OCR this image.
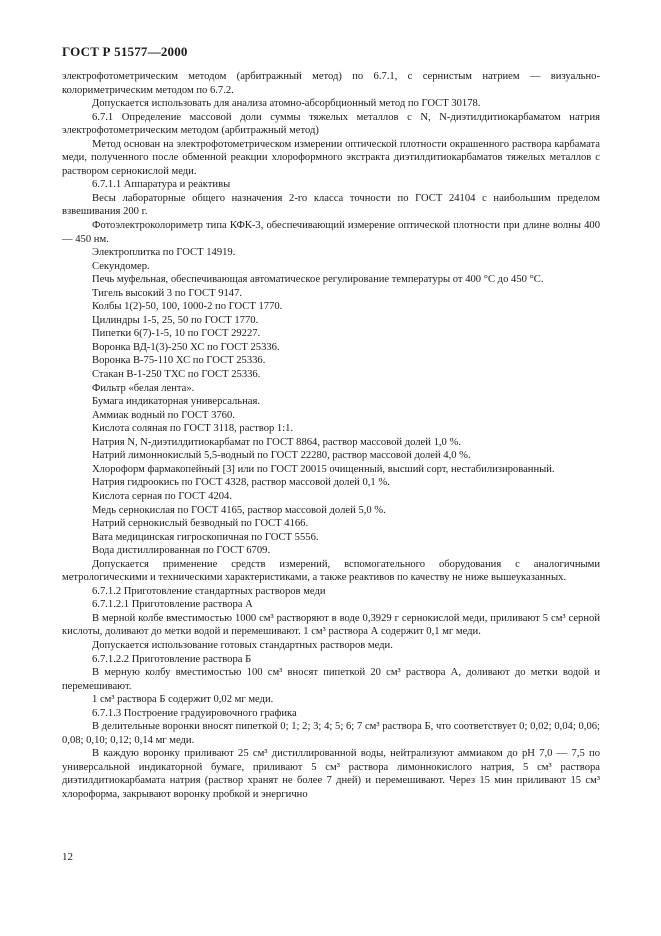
ГОСТ Р 51577—2000

электрофотометрическим методом (арбитражный метод) по 6.7.1, с сернистым натрием — визуально-колориметрическим методом по 6.7.2.

Допускается использовать для анализа атомно-абсорбционный метод по ГОСТ 30178.

6.7.1 Определение массовой доли суммы тяжелых металлов с N, N-диэтилдитиокарбаматом натрия электрофотометрическим методом (арбитражный метод)

Метод основан на электрофотометрическом измерении оптической плотности окрашенного раствора карбамата меди, полученного после обменной реакции хлороформного экстракта диэтилдитиокарбаматов тяжелых металлов с раствором сернокислой меди.

6.7.1.1 Аппаратура и реактивы

Весы лабораторные общего назначения 2-го класса точности по ГОСТ 24104 с наибольшим пределом взвешивания 200 г.

Фотоэлектроколориметр типа КФК-3, обеспечивающий измерение оптической плотности при длине волны 400 — 450 нм.

Электроплитка по ГОСТ 14919.

Секундомер.

Печь муфельная, обеспечивающая автоматическое регулирование температуры от 400 °С до 450 °С.

Тигель высокий 3 по ГОСТ 9147.

Колбы 1(2)-50, 100, 1000-2 по ГОСТ 1770.

Цилиндры 1-5, 25, 50 по ГОСТ 1770.

Пипетки 6(7)-1-5, 10 по ГОСТ 29227.

Воронка ВД-1(3)-250 ХС по ГОСТ 25336.

Воронка В-75-110 ХС по ГОСТ 25336.

Стакан В-1-250 ТХС по ГОСТ 25336.

Фильтр «белая лента».

Бумага индикаторная универсальная.

Аммиак водный по ГОСТ 3760.

Кислота соляная по ГОСТ 3118, раствор 1:1.

Натрия N, N-диэтилдитиокарбамат по ГОСТ 8864, раствор массовой долей 1,0 %.

Натрий лимоннокислый 5,5-водный по ГОСТ 22280, раствор массовой долей 4,0 %.

Хлороформ фармакопейный [3] или по ГОСТ 20015 очищенный, высший сорт, нестабилизированный.

Натрия гидроокись по ГОСТ 4328, раствор массовой долей 0,1 %.

Кислота серная по ГОСТ 4204.

Медь сернокислая по ГОСТ 4165, раствор массовой долей 5,0 %.

Натрий сернокислый безводный по ГОСТ 4166.

Вата медицинская гигроскопичная по ГОСТ 5556.

Вода дистиллированная по ГОСТ 6709.

Допускается применение средств измерений, вспомогательного оборудования с аналогичными метрологическими и техническими характеристиками, а также реактивов по качеству не ниже вышеуказанных.

6.7.1.2 Приготовление стандартных растворов меди

6.7.1.2.1 Приготовление раствора А

В мерной колбе вместимостью 1000 см³ растворяют в воде 0,3929 г сернокислой меди, приливают 5 см³ серной кислоты, доливают до метки водой и перемешивают. 1 см³ раствора А содержит 0,1 мг меди.

Допускается использование готовых стандартных растворов меди.

6.7.1.2.2 Приготовление раствора Б

В мерную колбу вместимостью 100 см³ вносят пипеткой 20 см³ раствора А, доливают до метки водой и перемешивают.

1 см³ раствора Б содержит 0,02 мг меди.

6.7.1.3 Построение градуировочного графика

В делительные воронки вносят пипеткой 0; 1; 2; 3; 4; 5; 6; 7 см³ раствора Б, что соответствует 0; 0,02; 0,04; 0,06; 0,08; 0,10; 0,12; 0,14 мг меди.

В каждую воронку приливают 25 см³ дистиллированной воды, нейтрализуют аммиаком до pH 7,0 — 7,5 по универсальной индикаторной бумаге, приливают 5 см³ раствора лимоннокислого натрия, 5 см³ раствора диэтилдитиокарбамата натрия (раствор хранят не более 7 дней) и перемешивают. Через 15 мин приливают 15 см³ хлороформа, закрывают воронку пробкой и энергично

12
